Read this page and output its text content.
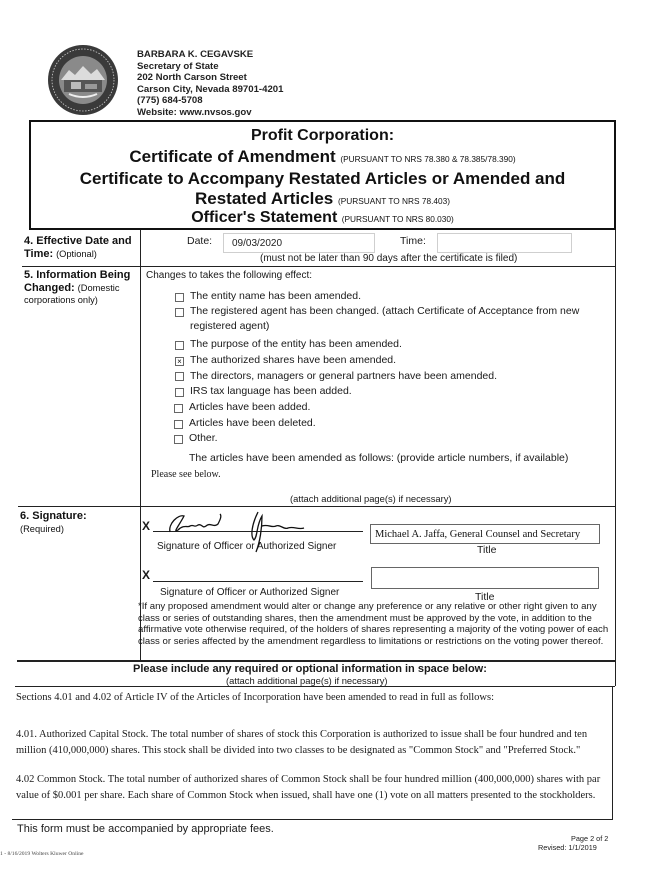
BARBARA K. CEGAVSKE
Secretary of State
202 North Carson Street
Carson City, Nevada 89701-4201
(775) 684-5708
Website: www.nvsos.gov
Profit Corporation:
Certificate of Amendment (PURSUANT TO NRS 78.380 & 78.385/78.390)
Certificate to Accompany Restated Articles or Amended and
Restated Articles (PURSUANT TO NRS 78.403)
Officer's Statement (PURSUANT TO NRS 80.030)
4. Effective Date and
Time: (Optional)
Date:	09/03/2020	Time:
(must not be later than 90 days after the certificate is filed)
5. Information Being
Changed: (Domestic
corporations only)
Changes to takes the following effect:
The entity name has been amended.
The registered agent has been changed. (attach Certificate of Acceptance from new
registered agent)
The purpose of the entity has been amended.
× The authorized shares have been amended.
The directors, managers or general partners have been amended.
IRS tax language has been added.
Articles have been added.
Articles have been deleted.
Other.
The articles have been amended as follows: (provide article numbers, if available)
Please see below.
(attach additional page(s) if necessary)
6. Signature:
(Required)	X
Signature of Officer or Authorized Signer
Michael A. Jaffa, General Counsel and Secretary
Title
X
Signature of Officer or Authorized Signer	Title
*If any proposed amendment would alter or change any preference or any relative or other right given to any class or series of outstanding shares, then the amendment must be approved by the vote, in addition to the affirmative vote otherwise required, of the holders of shares representing a majority of the voting power of each class or series affected by the amendment regardless to limitations or restrictions on the voting power thereof.
Please include any required or optional information in space below:
(attach additional page(s) if necessary)
Sections 4.01 and 4.02 of Article IV of the Articles of Incorporation have been amended to read in full as follows:
4.01. Authorized Capital Stock. The total number of shares of stock this Corporation is authorized to issue shall be four hundred and ten million (410,000,000) shares. This stock shall be divided into two classes to be designated as "Common Stock" and "Preferred Stock."
4.02 Common Stock. The total number of authorized shares of Common Stock shall be four hundred million (400,000,000) shares with par value of $0.001 per share. Each share of Common Stock when issued, shall have one (1) vote on all matters presented to the stockholders.
This form must be accompanied by appropriate fees.
Page 2 of 2
Revised: 1/1/2019
1 - 8/16/2019 Wolters Kluwer Online
